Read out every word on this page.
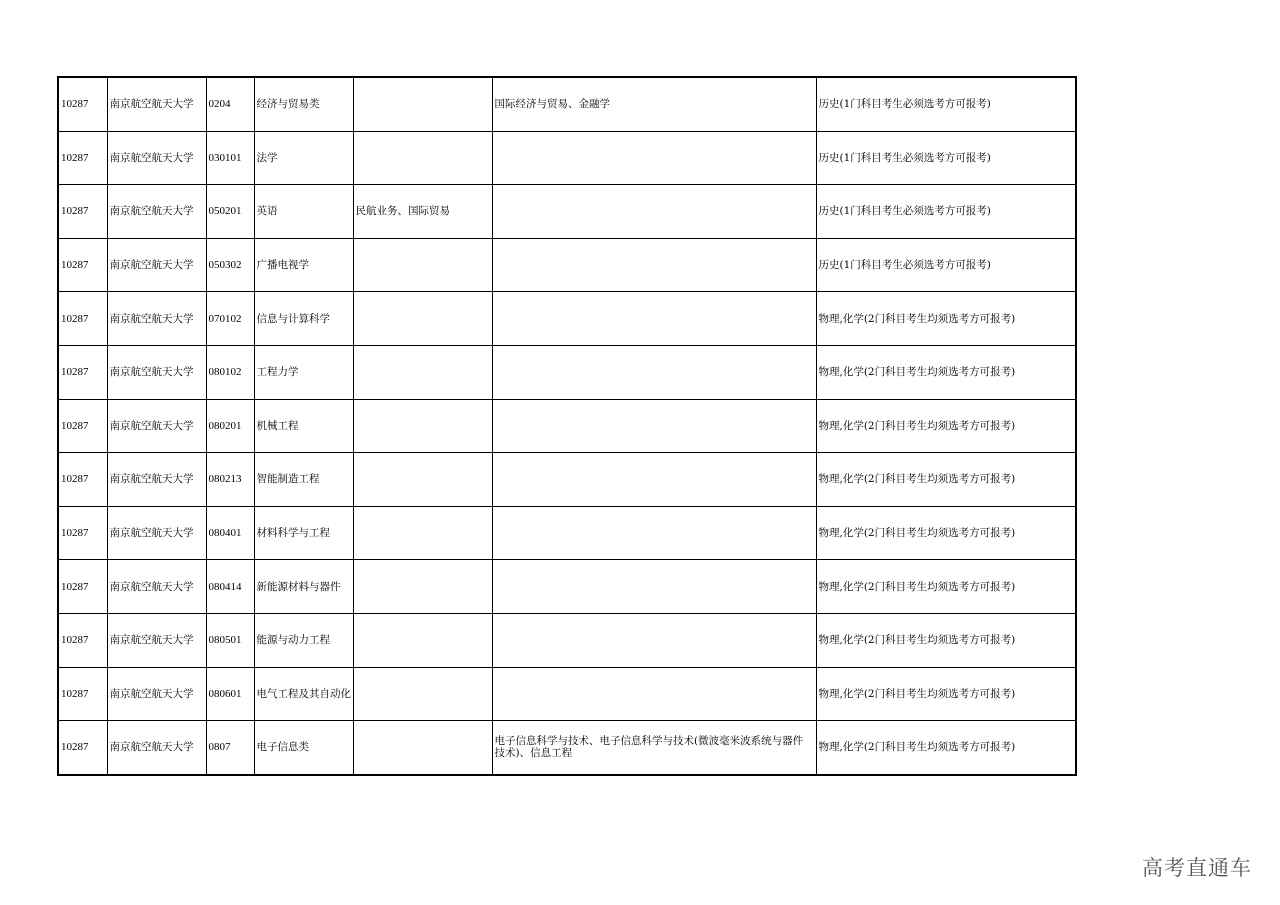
10287	南京航空航天大学	0204	经济与贸易类		国际经济与贸易、金融学	历史(1门科目考生必须选考方可报考)
10287	南京航空航天大学	030101	法学			历史(1门科目考生必须选考方可报考)
10287	南京航空航天大学	050201	英语	民航业务、国际贸易		历史(1门科目考生必须选考方可报考)
10287	南京航空航天大学	050302	广播电视学			历史(1门科目考生必须选考方可报考)
10287	南京航空航天大学	070102	信息与计算科学			物理,化学(2门科目考生均须选考方可报考)
10287	南京航空航天大学	080102	工程力学			物理,化学(2门科目考生均须选考方可报考)
10287	南京航空航天大学	080201	机械工程			物理,化学(2门科目考生均须选考方可报考)
10287	南京航空航天大学	080213	智能制造工程			物理,化学(2门科目考生均须选考方可报考)
10287	南京航空航天大学	080401	材料科学与工程			物理,化学(2门科目考生均须选考方可报考)
10287	南京航空航天大学	080414	新能源材料与器件			物理,化学(2门科目考生均须选考方可报考)
10287	南京航空航天大学	080501	能源与动力工程			物理,化学(2门科目考生均须选考方可报考)
10287	南京航空航天大学	080601	电气工程及其自动化			物理,化学(2门科目考生均须选考方可报考)
10287	南京航空航天大学	0807	电子信息类		电子信息科学与技术、电子信息科学与技术(微波毫米波系统与器件技术)、信息工程	物理,化学(2门科目考生均须选考方可报考)
高考直通车
